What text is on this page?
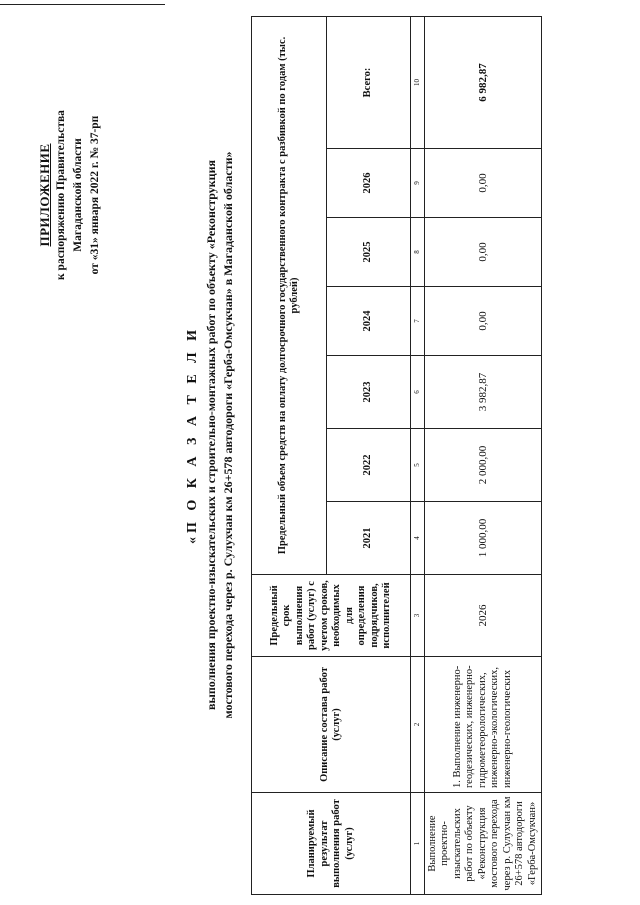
ПРИЛОЖЕНИЕ к распоряжению Правительства Магаданской области от «31» января 2022 г. № 37-рп
«П О К А З А Т Е Л И выполнения проектно-изыскательских и строительно-монтажных работ по объекту «Реконструкция мостового перехода через р. Сулухчан км 26+578 автодороги «Герба-Омсукчан» в Магаданской области»
Планируемый результат выполнения работ (услуг)	Описание состава работ (услуг)	Предельный срок выполнения работ (услуг) с учетом сроков, необходимых для определения подрядчиков, исполнителей	Предельный объем средств на оплату долгосрочного государственного контракта с разбивкой по годам (тыс. рублей)						
			2021	2022	2023	2024	2025	2026	Всего:
1	2	3	4	5	6	7	8	9	10
Выполнение проектно-изыскательских работ по объекту «Реконструкция мостового перехода через р. Сулухчан км 26+578 автодороги «Герба-Омсукчан»	1. Выполнение инженерно-геодезических, инженерно-гидрометеорологических, инженерно-экологических, инженерно-геологических	2026	1 000,00	2 000,00	3 982,87	0,00	0,00	0,00	6 982,87
